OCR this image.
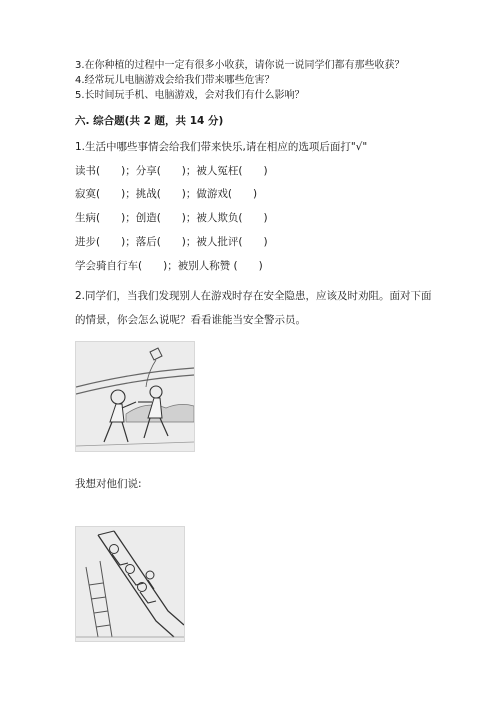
3.在你种植的过程中一定有很多小收获，请你说一说同学们都有那些收获？
4.经常玩儿电脑游戏会给我们带来哪些危害？
5.长时间玩手机、电脑游戏，会对我们有什么影响？
六. 综合题(共 2 题，共 14 分)
1.生活中哪些事情会给我们带来快乐,请在相应的选项后面打"√"
读书(　　)；分享(　　)；被人冤枉(　　)
寂寞(　　)；挑战(　　)；做游戏(　　)
生病(　　)；创造(　　)；被人欺负(　　)
进步(　　)；落后(　　)；被人批评(　　)
学会骑自行车(　　)；被别人称赞 (　　)
2.同学们，当我们发现别人在游戏时存在安全隐患，应该及时劝阻。面对下面
的情景，你会怎么说呢？看看谁能当安全警示员。
我想对他们说:
